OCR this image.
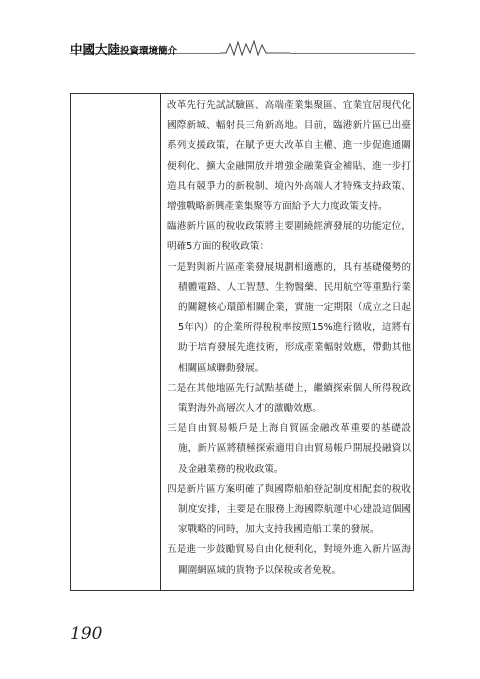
中國大陸投資環境簡介

改革先行先試試驗區、高端產業集聚區、宜業宜居現代化國際新城、輻射長三角新高地。目前，臨港新片區已出臺系列支援政策，在賦予更大改革自主權、進一步促進通關便利化、擴大金融開放并增強金融業資金補貼、進一步打造具有競爭力的新稅制、境內外高端人才特殊支持政策、增強戰略新興產業集聚等方面給予大力度政策支持。

臨港新片區的稅收政策將主要圍繞經濟發展的功能定位，明確5方面的稅收政策：

一是對與新片區產業發展規劃相適應的，具有基礎優勢的積體電路、人工智慧、生物醫藥、民用航空等重點行業的關鍵核心環節相關企業，實施一定期限（成立之日起5年內）的企業所得稅稅率按照15%進行徵收，這將有助于培育發展先進技術，形成產業輻射效應，帶動其他相關區域聯動發展。

二是在其他地區先行試點基礎上，繼續探索個人所得稅政策對海外高層次人才的激勵效應。

三是自由貿易帳戶是上海自貿區金融改革重要的基礎設施，新片區將積極探索適用自由貿易帳戶開展投融資以及金融業務的稅收政策。

四是新片區方案明確了與國際船舶登記制度相配套的稅收制度安排，主要是在服務上海國際航運中心建設這個國家戰略的同時，加大支持我國造船工業的發展。

五是進一步鼓勵貿易自由化便利化，對境外進入新片區海關圍網區域的貨物予以保稅或者免稅。

190
